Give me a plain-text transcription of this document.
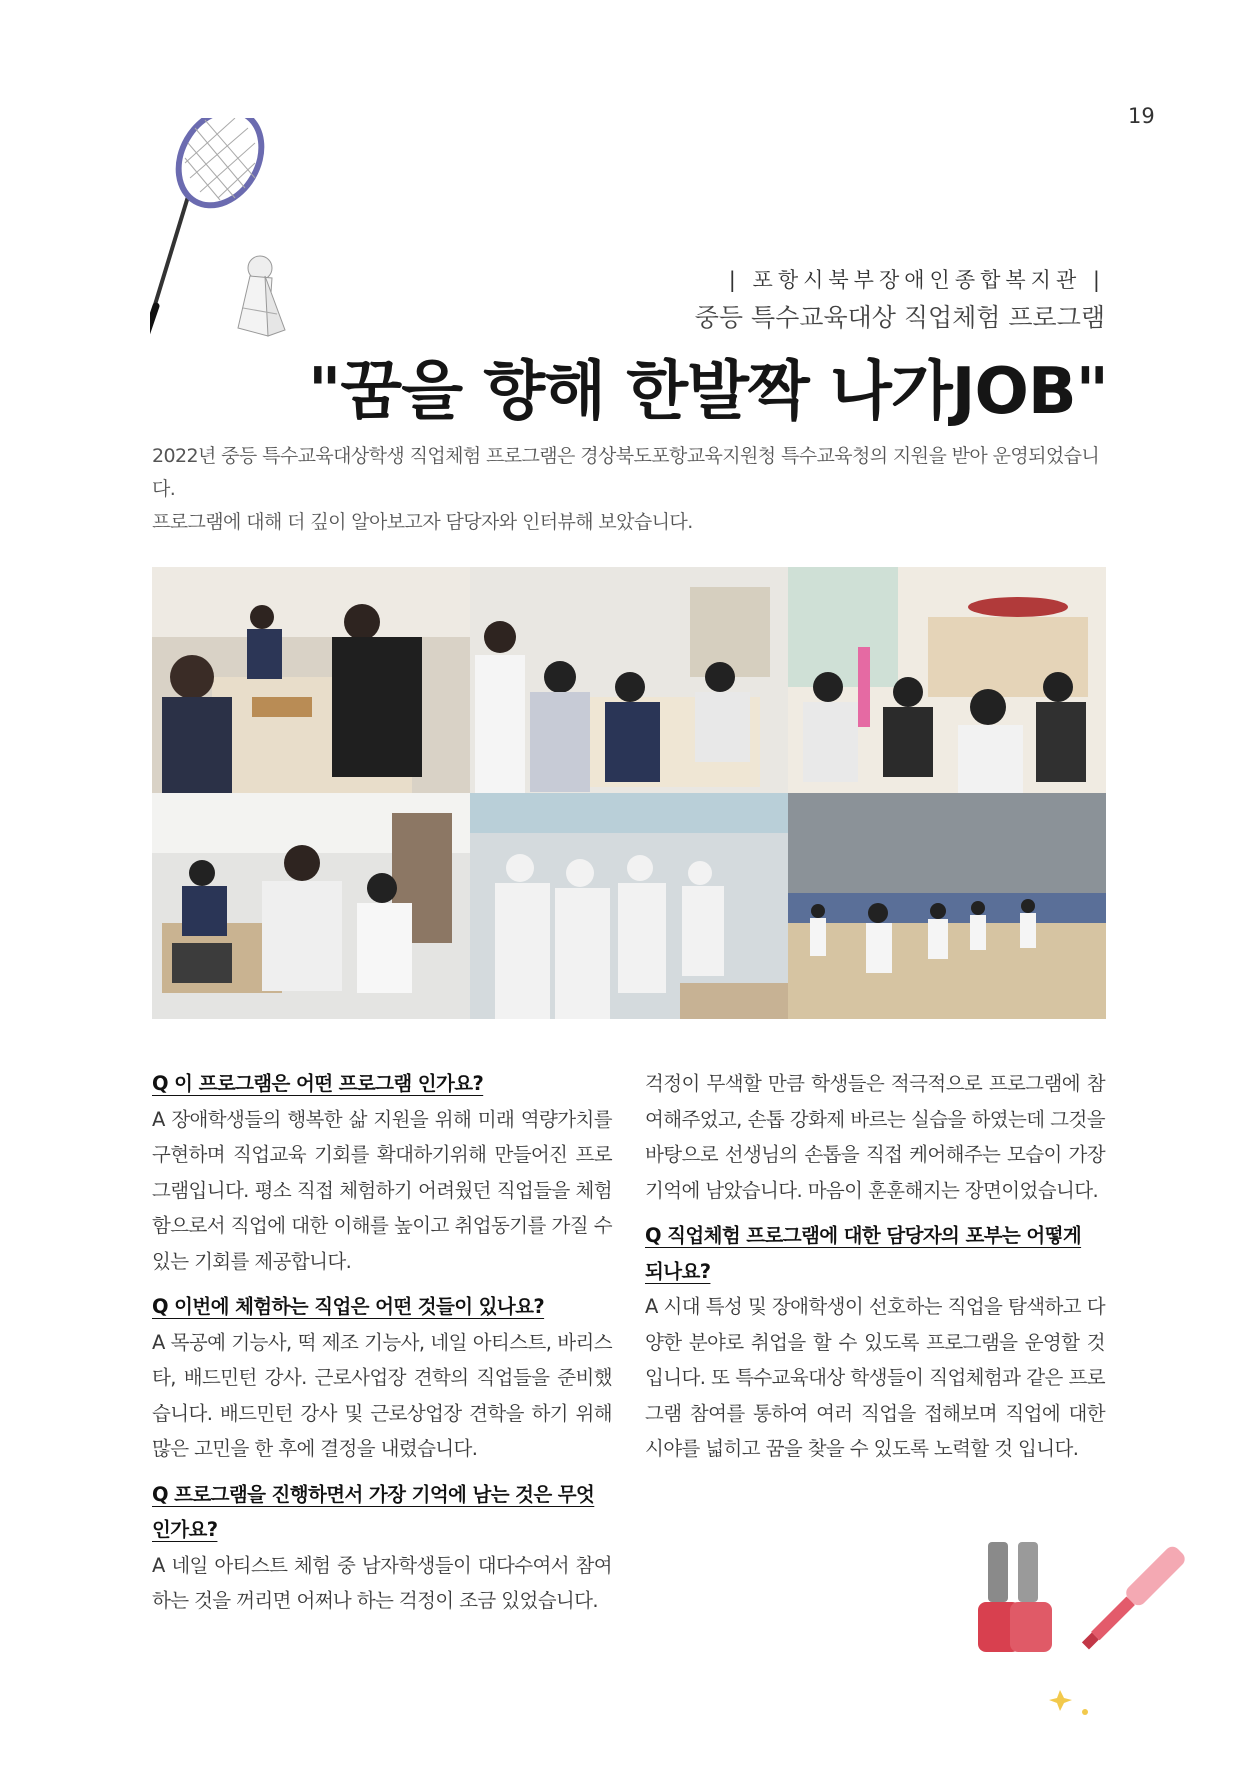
19
| 포항시북부장애인종합복지관 |
중등 특수교육대상 직업체험 프로그램
"꿈을 향해 한발짝 나가JOB"
2022년 중등 특수교육대상학생 직업체험 프로그램은 경상북도포항교육지원청 특수교육청의 지원을 받아 운영되었습니다.
프로그램에 대해 더 깊이 알아보고자 담당자와 인터뷰해 보았습니다.
Q 이 프로그램은 어떤 프로그램 인가요?
A 장애학생들의 행복한 삶 지원을 위해 미래 역량가치를 구현하며 직업교육 기회를 확대하기위해 만들어진 프로그램입니다. 평소 직접 체험하기 어려웠던 직업들을 체험함으로서 직업에 대한 이해를 높이고 취업동기를 가질 수 있는 기회를 제공합니다.
Q 이번에 체험하는 직업은 어떤 것들이 있나요?
A 목공예 기능사, 떡 제조 기능사, 네일 아티스트, 바리스타, 배드민턴 강사. 근로사업장 견학의 직업들을 준비했습니다. 배드민턴 강사 및 근로상업장 견학을 하기 위해 많은 고민을 한 후에 결정을 내렸습니다.
Q 프로그램을 진행하면서 가장 기억에 남는 것은 무엇인가요?
A 네일 아티스트 체험 중 남자학생들이 대다수여서 참여하는 것을 꺼리면 어쩌나 하는 걱정이 조금 있었습니다.
걱정이 무색할 만큼 학생들은 적극적으로 프로그램에 참여해주었고, 손톱 강화제 바르는 실습을 하였는데 그것을 바탕으로 선생님의 손톱을 직접 케어해주는 모습이 가장 기억에 남았습니다. 마음이 훈훈해지는 장면이었습니다.
Q 직업체험 프로그램에 대한 담당자의 포부는 어떻게 되나요?
A 시대 특성 및 장애학생이 선호하는 직업을 탐색하고 다양한 분야로 취업을 할 수 있도록 프로그램을 운영할 것입니다. 또 특수교육대상 학생들이 직업체험과 같은 프로그램 참여를 통하여 여러 직업을 접해보며 직업에 대한 시야를 넓히고 꿈을 찾을 수 있도록 노력할 것 입니다.
